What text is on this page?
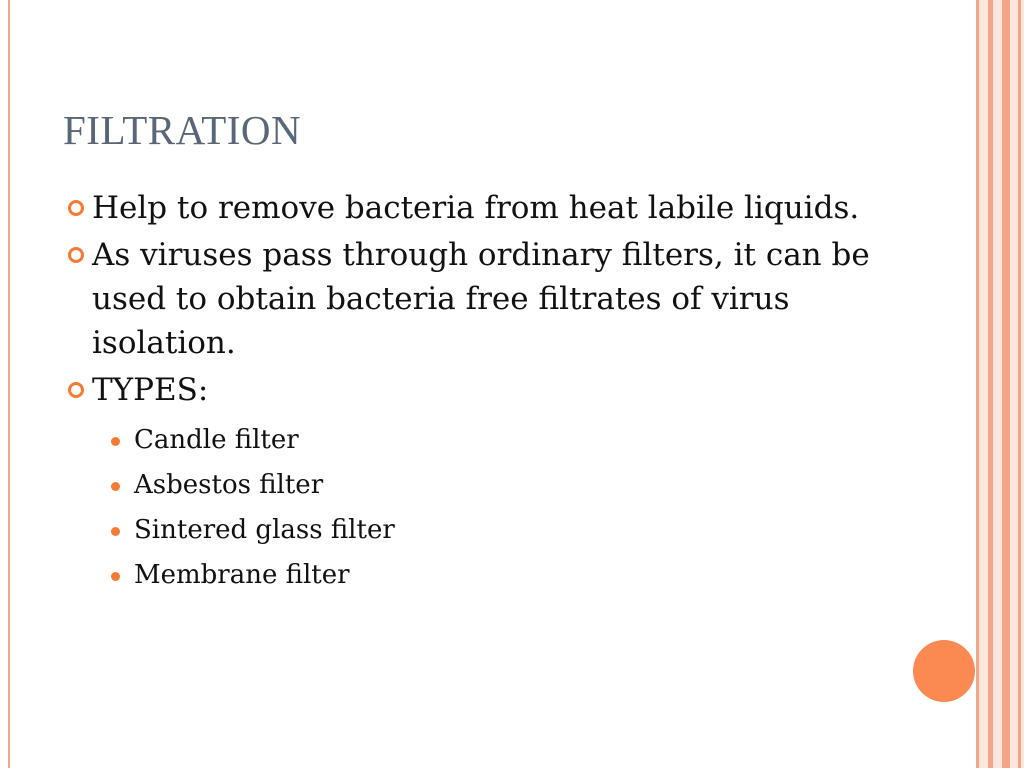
FILTRATION
Help to remove bacteria from heat labile liquids.
As viruses pass through ordinary filters, it can be used to obtain bacteria free filtrates of virus isolation.
TYPES:
Candle filter
Asbestos filter
Sintered glass filter
Membrane filter
